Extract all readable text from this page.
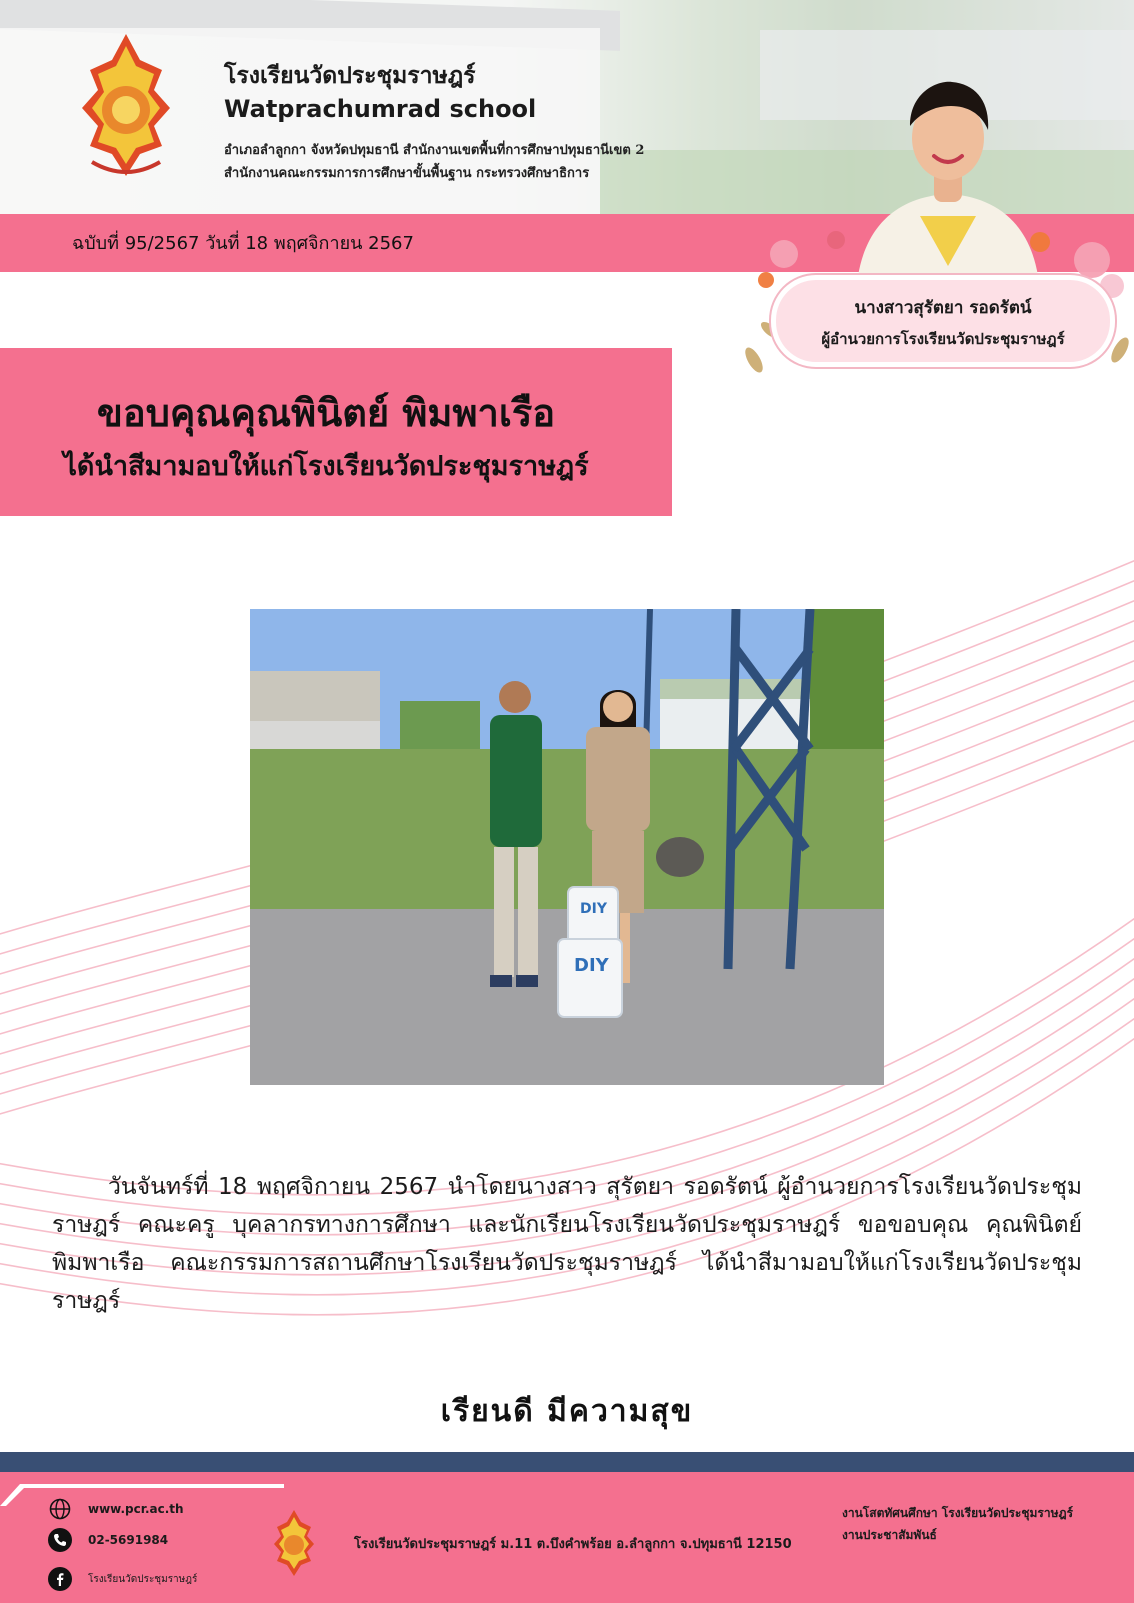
โรงเรียนวัดประชุมราษฎร์
Watprachumrad school
อำเภอลำลูกกา จังหวัดปทุมธานี สำนักงานเขตพื้นที่การศึกษาปทุมธานีเขต 2
สำนักงานคณะกรรมการการศึกษาขั้นพื้นฐาน กระทรวงศึกษาธิการ
ฉบับที่ 95/2567 วันที่ 18 พฤศจิกายน 2567
นางสาวสุรัตยา รอดรัตน์
ผู้อำนวยการโรงเรียนวัดประชุมราษฎร์
ขอบคุณคุณพินิตย์ พิมพาเรือ
ได้นำสีมามอบให้แก่โรงเรียนวัดประชุมราษฎร์
DIY
DIY
วันจันทร์ที่ 18 พฤศจิกายน 2567 นำโดยนางสาว สุรัตยา รอดรัตน์ ผู้อำนวยการโรงเรียนวัดประชุมราษฎร์ คณะครู บุคลากรทางการศึกษา และนักเรียนโรงเรียนวัดประชุมราษฎร์ ขอขอบคุณ คุณพินิตย์ พิมพาเรือ คณะกรรมการสถานศึกษาโรงเรียนวัดประชุมราษฎร์ ได้นำสีมามอบให้แก่โรงเรียนวัดประชุมราษฎร์
เรียนดี มีความสุข
www.pcr.ac.th
02-5691984
โรงเรียนวัดประชุมราษฎร์
โรงเรียนวัดประชุมราษฎร์ ม.11 ต.บึงคำพร้อย อ.ลำลูกกา จ.ปทุมธานี 12150
งานโสตทัศนศึกษา โรงเรียนวัดประชุมราษฎร์
งานประชาสัมพันธ์
